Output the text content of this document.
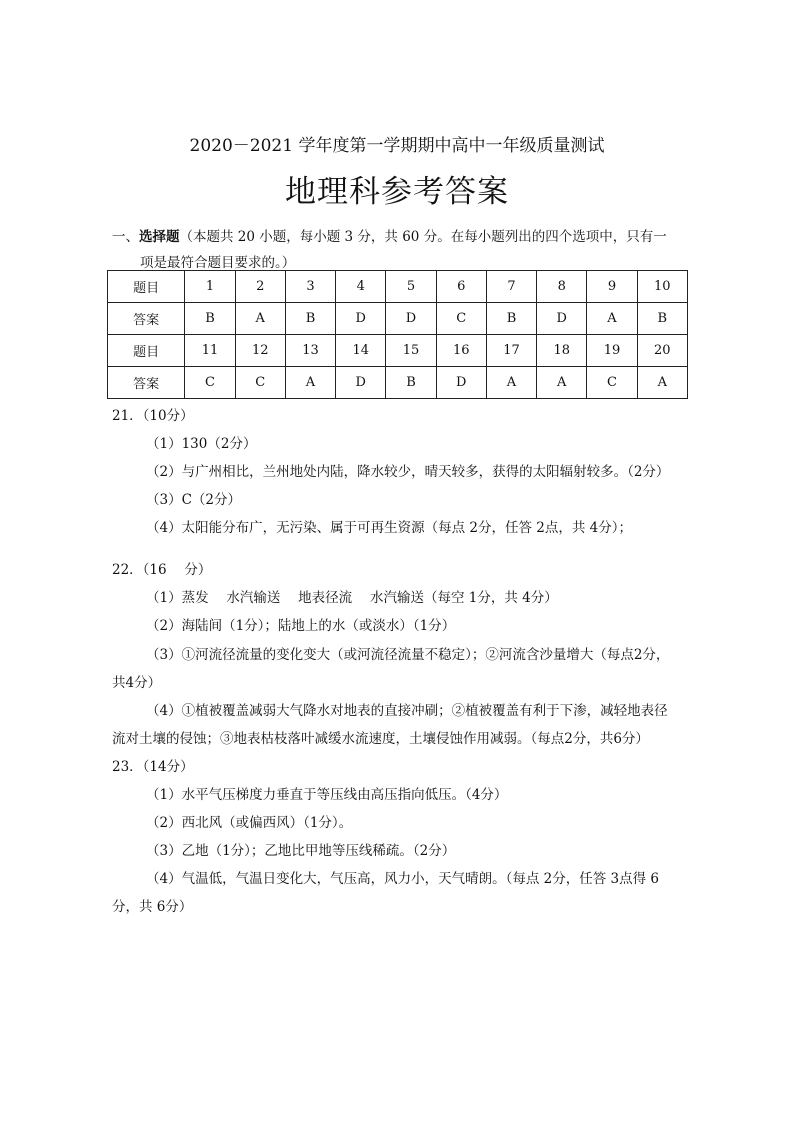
2020－2021 学年度第一学期期中高中一年级质量测试
地理科参考答案
一、选择题（本题共 20 小题，每小题 3 分，共 60 分。在每小题列出的四个选项中，只有一
项是最符合题目要求的。）
题目	1	2	3	4	5	6	7	8	9	10
答案	B	A	B	D	D	C	B	D	A	B
题目	11	12	13	14	15	16	17	18	19	20
答案	C	C	A	D	B	D	A	A	C	A
21．（10分）
（1）130（2分）
（2）与广州相比，兰州地处内陆，降水较少，晴天较多，获得的太阳辐射较多。（2分）
（3）C（2分）
（4）太阳能分布广，无污染、属于可再生资源（每点 2分，任答 2点，共 4分）；
22．（16　 分）
（1）蒸发　 水汽输送　 地表径流　 水汽输送（每空 1分，共 4分）
（2）海陆间（1分）；陆地上的水（或淡水）（1分）
（3）①河流径流量的变化变大（或河流径流量不稳定）；②河流含沙量增大（每点2分，
共4分）
（4）①植被覆盖减弱大气降水对地表的直接冲刷；②植被覆盖有利于下渗，减轻地表径
流对土壤的侵蚀；③地表枯枝落叶减缓水流速度，土壤侵蚀作用减弱。（每点2分，共6分）
23．（14分）
（1）水平气压梯度力垂直于等压线由高压指向低压。（4分）
（2）西北风（或偏西风）（1分）。
（3）乙地（1分）；乙地比甲地等压线稀疏。（2分）
（4）气温低，气温日变化大，气压高，风力小，天气晴朗。（每点 2分，任答 3点得 6
分，共 6分）
